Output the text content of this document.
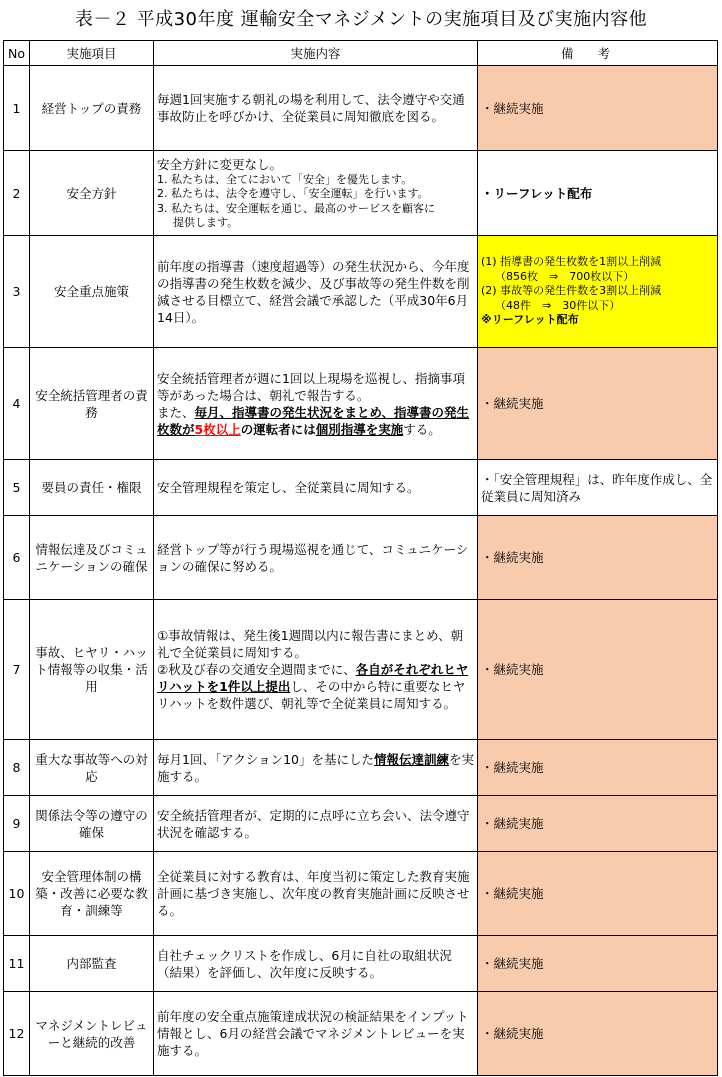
表－２ 平成30年度 運輸安全マネジメントの実施項目及び実施内容他
No	実施項目	実施内容	備考
1	経営トップの責務	毎週1回実施する朝礼の場を利用して、法令遵守や交通事故防止を呼びかけ、全従業員に周知徹底を図る。	・継続実施
2	安全方針	安全方針に変更なし。
1. 私たちは、全てにおいて「安全」を優先します。
2. 私たちは、法令を遵守し、「安全運転」を行います。
3. 私たちは、安全運転を通じ、最高のサービスを顧客に
提供します。	・リーフレット配布
3	安全重点施策	前年度の指導書（速度超過等）の発生状況から、今年度の指導書の発生枚数を減少、及び事故等の発生件数を削減させる目標立て、経営会議で承認した（平成30年6月14日）。	(1) 指導書の発生枚数を1割以上削減
（856枚　⇒　700枚以下）
(2) 事故等の発生件数を3割以上削減
（48件　⇒　30件以下）
※リーフレット配布

4	安全統括管理者の責務	安全統括管理者が週に1回以上現場を巡視し、指摘事項等があった場合は、朝礼で報告する。
また、毎月、指導書の発生状況をまとめ、指導書の発生枚数が5枚以上の運転者には個別指導を実施する。	・継続実施
5	要員の責任・権限	安全管理規程を策定し、全従業員に周知する。	・「安全管理規程」は、昨年度作成し、全従業員に周知済み
6	情報伝達及びコミュニケーションの確保	経営トップ等が行う現場巡視を通じて、コミュニケーションの確保に努める。	・継続実施
7	事故、ヒヤリ・ハット情報等の収集・活用	①事故情報は、発生後1週間以内に報告書にまとめ、朝礼で全従業員に周知する。
②秋及び春の交通安全週間までに、各自がそれぞれヒヤリハットを1件以上提出し、その中から特に重要なヒヤリハットを数件選び、朝礼等で全従業員に周知する。	・継続実施
8	重大な事故等への対応	毎月1回、「アクション10」を基にした情報伝達訓練を実施する。	・継続実施
9	関係法令等の遵守の確保	安全統括管理者が、定期的に点呼に立ち会い、法令遵守状況を確認する。	・継続実施
10	安全管理体制の構築・改善に必要な教育・訓練等	全従業員に対する教育は、年度当初に策定した教育実施計画に基づき実施し、次年度の教育実施計画に反映させる。	・継続実施
11	内部監査	自社チェックリストを作成し、6月に自社の取組状況（結果）を評価し、次年度に反映する。	・継続実施
12	マネジメントレビューと継続的改善	前年度の安全重点施策達成状況の検証結果をインプット情報とし、6月の経営会議でマネジメントレビューを実施する。	・継続実施
